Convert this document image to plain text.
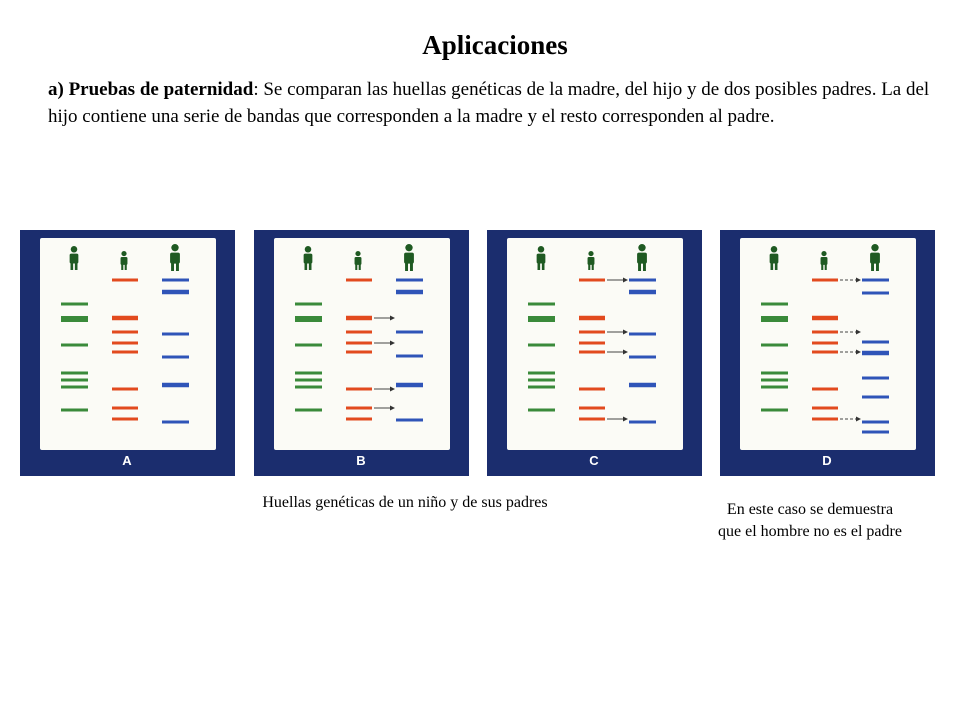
Aplicaciones

a) Pruebas de paternidad: Se comparan las huellas genéticas de la madre, del hijo y de dos posibles padres. La del hijo contiene una serie de bandas que corresponden a la madre y el resto corresponden al padre.

A	B	C	D

Huellas genéticas de un niño y de sus padres	En este caso se demuestra
que el hombre no es el padre
